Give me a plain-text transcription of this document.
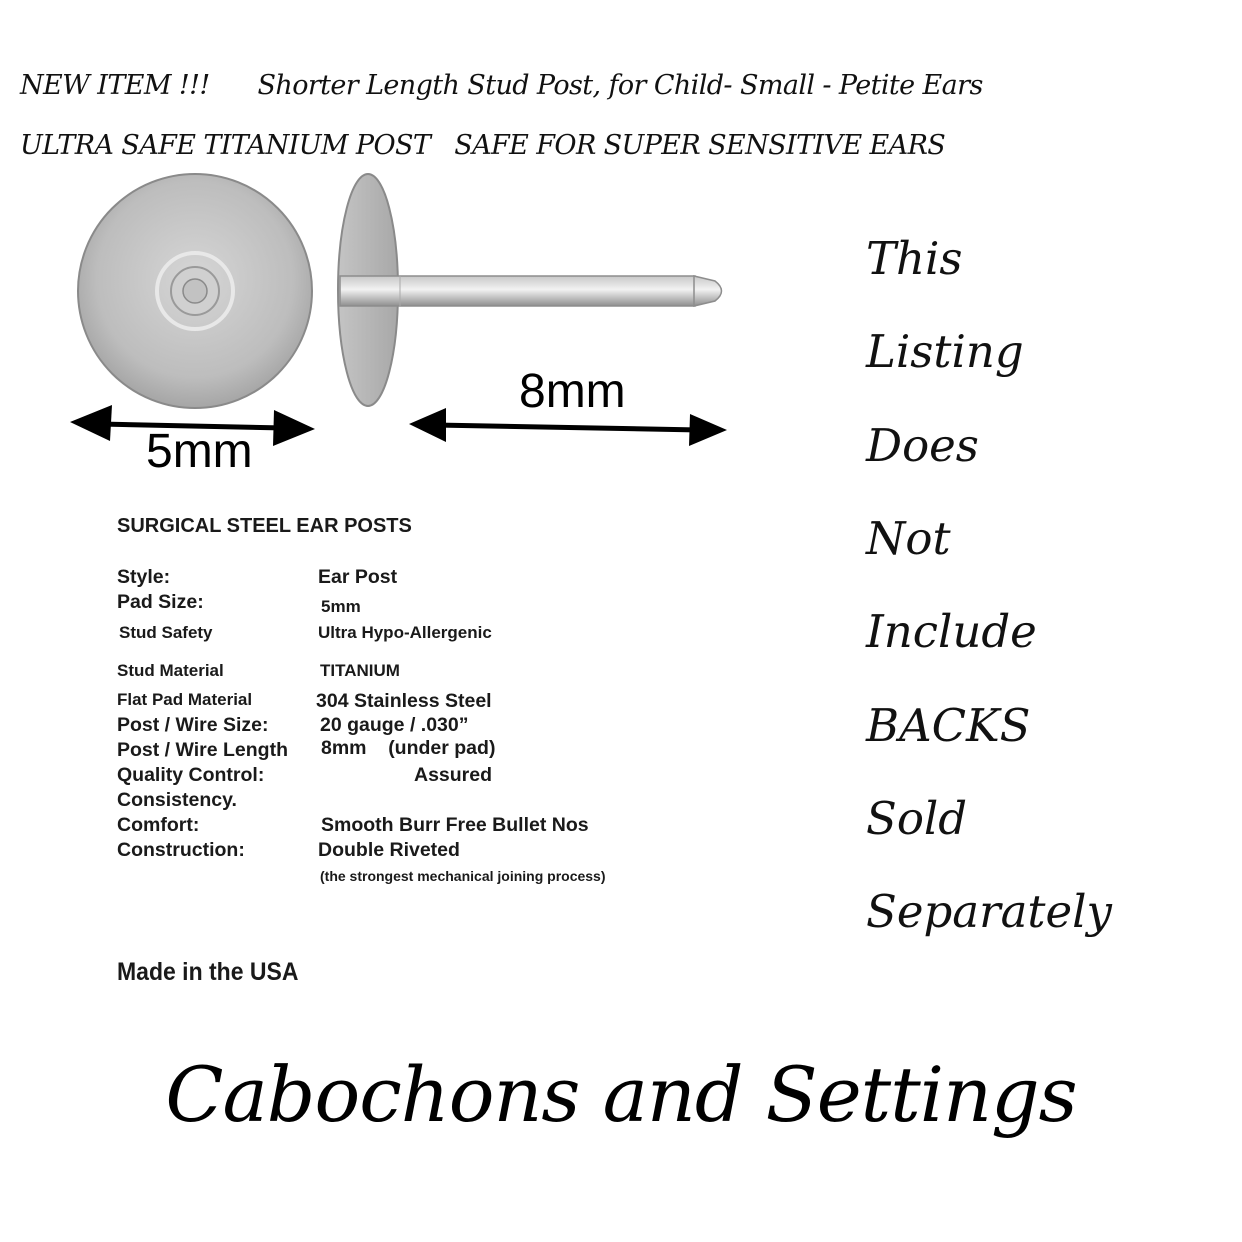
NEW ITEM !!!      Shorter Length Stud Post, for Child- Small - Petite Ears
ULTRA SAFE TITANIUM POST   SAFE FOR SUPER SENSITIVE EARS
5mm
8mm
This
Listing
Does
Not
Include
BACKS
Sold
Separately
SURGICAL STEEL EAR POSTS
Style:	Ear Post
Pad Size:	5mm
Stud Safety	Ultra Hypo-Allergenic
Stud Material	TITANIUM
Flat Pad Material	304 Stainless Steel
Post / Wire Size:	20 gauge / .030”
Post / Wire Length 8mm    (under pad)
Quality Control:	Assured
Consistency.
Comfort:	Smooth Burr Free Bullet Nos
Construction:	Double Riveted
(the strongest mechanical joining process)
Made in the USA
Cabochons and Settings
